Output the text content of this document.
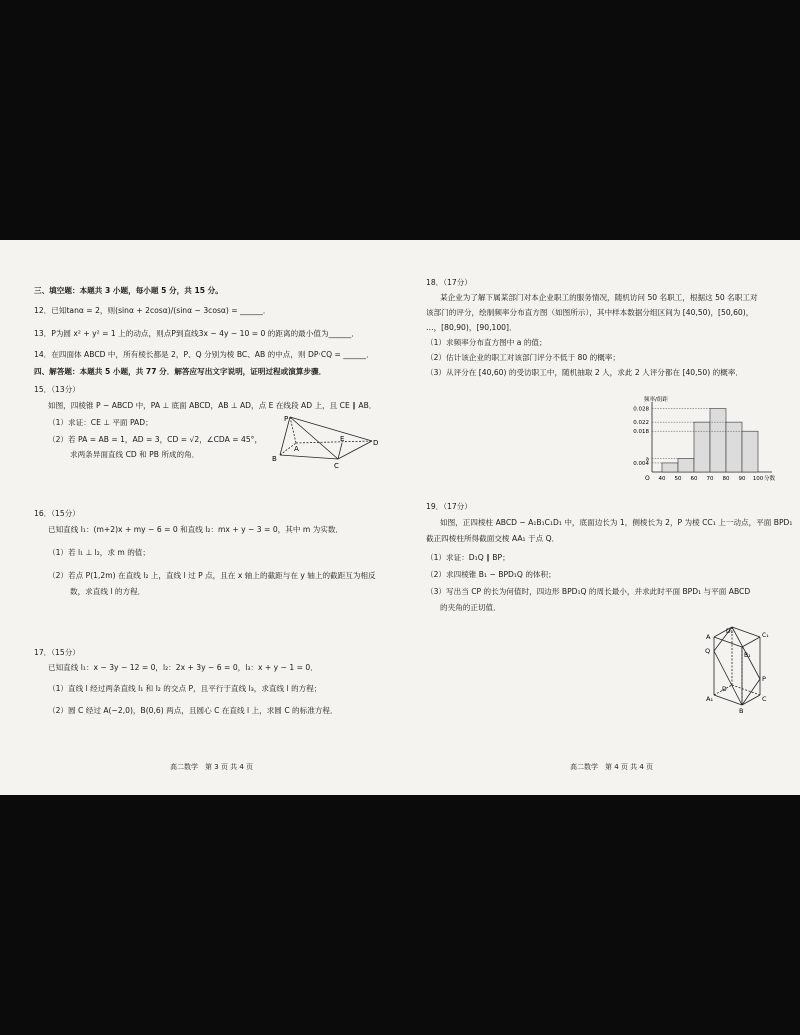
三、填空题：本题共 3 小题，每小题 5 分，共 15 分。
12．已知tanα = 2，则(sinα + 2cosα)/(sinα − 3cosα) = ______．
13．P为圆 x² + y² = 1 上的动点，则点P到直线3x − 4y − 10 = 0 的距离的最小值为______．
14．在四面体 ABCD 中，所有棱长都是 2，P、Q 分别为棱 BC、AB 的中点，则 DP·CQ = ______．
四、解答题：本题共 5 小题，共 77 分．解答应写出文字说明，证明过程或演算步骤．
15．（13分）
如图，四棱锥 P − ABCD 中，PA ⊥ 底面 ABCD，AB ⊥ AD，点 E 在线段 AD 上，且 CE ∥ AB．
（1）求证：CE ⊥ 平面 PAD；
（2）若 PA = AB = 1，AD = 3，CD = √2，∠CDA = 45°，
求两条异面直线 CD 和 PB 所成的角．
P
A
B
C
D
E
16．（15分）
已知直线 l₁：(m+2)x + my − 6 = 0 和直线 l₂：mx + y − 3 = 0，其中 m 为实数．
（1）若 l₁ ⊥ l₂，求 m 的值；
（2）若点 P(1,2m) 在直线 l₂ 上，直线 l 过 P 点，且在 x 轴上的截距与在 y 轴上的截距互为相反
数，求直线 l 的方程．
17．（15分）
已知直线 l₁：x − 3y − 12 = 0，l₂：2x + 3y − 6 = 0，l₃：x + y − 1 = 0．
（1）直线 l 经过两条直线 l₁ 和 l₂ 的交点 P，且平行于直线 l₃，求直线 l 的方程；
（2）圆 C 经过 A(−2,0)，B(0,6) 两点，且圆心 C 在直线 l 上，求圆 C 的标准方程．
高二数学　第 3 页 共 4 页
18．（17分）
某企业为了解下属某部门对本企业职工的服务情况，随机访问 50 名职工，根据这 50 名职工对
该部门的评分，绘制频率分布直方图（如图所示），其中样本数据分组区间为 [40,50)，[50,60)，
…，[80,90)，[90,100]．
（1）求频率分布直方图中 a 的值；
（2）估计该企业的职工对该部门评分不低于 80 的概率；
（3）从评分在 [40,60) 的受访职工中，随机抽取 2 人，求此 2 人评分都在 [40,50) 的概率．
频率/组距
O
0.028
0.022
0.018
a
0.004
40 50 60 70 80 90 100 分数
19．（17分）
如图，正四棱柱 ABCD − A₁B₁C₁D₁ 中，底面边长为 1，侧棱长为 2，P 为棱 CC₁ 上一动点，平面 BPD₁
截正四棱柱所得截面交棱 AA₁ 于点 Q．
（1）求证：D₁Q ∥ BP；
（2）求四棱锥 B₁ − BPD₁Q 的体积；
（3）写出当 CP 的长为何值时，四边形 BPD₁Q 的周长最小，并求此时平面 BPD₁ 与平面 ABCD
的夹角的正切值．
A
D₁
C₁
B₁
Q
P
D
A₁	C
B
高二数学　第 4 页 共 4 页
